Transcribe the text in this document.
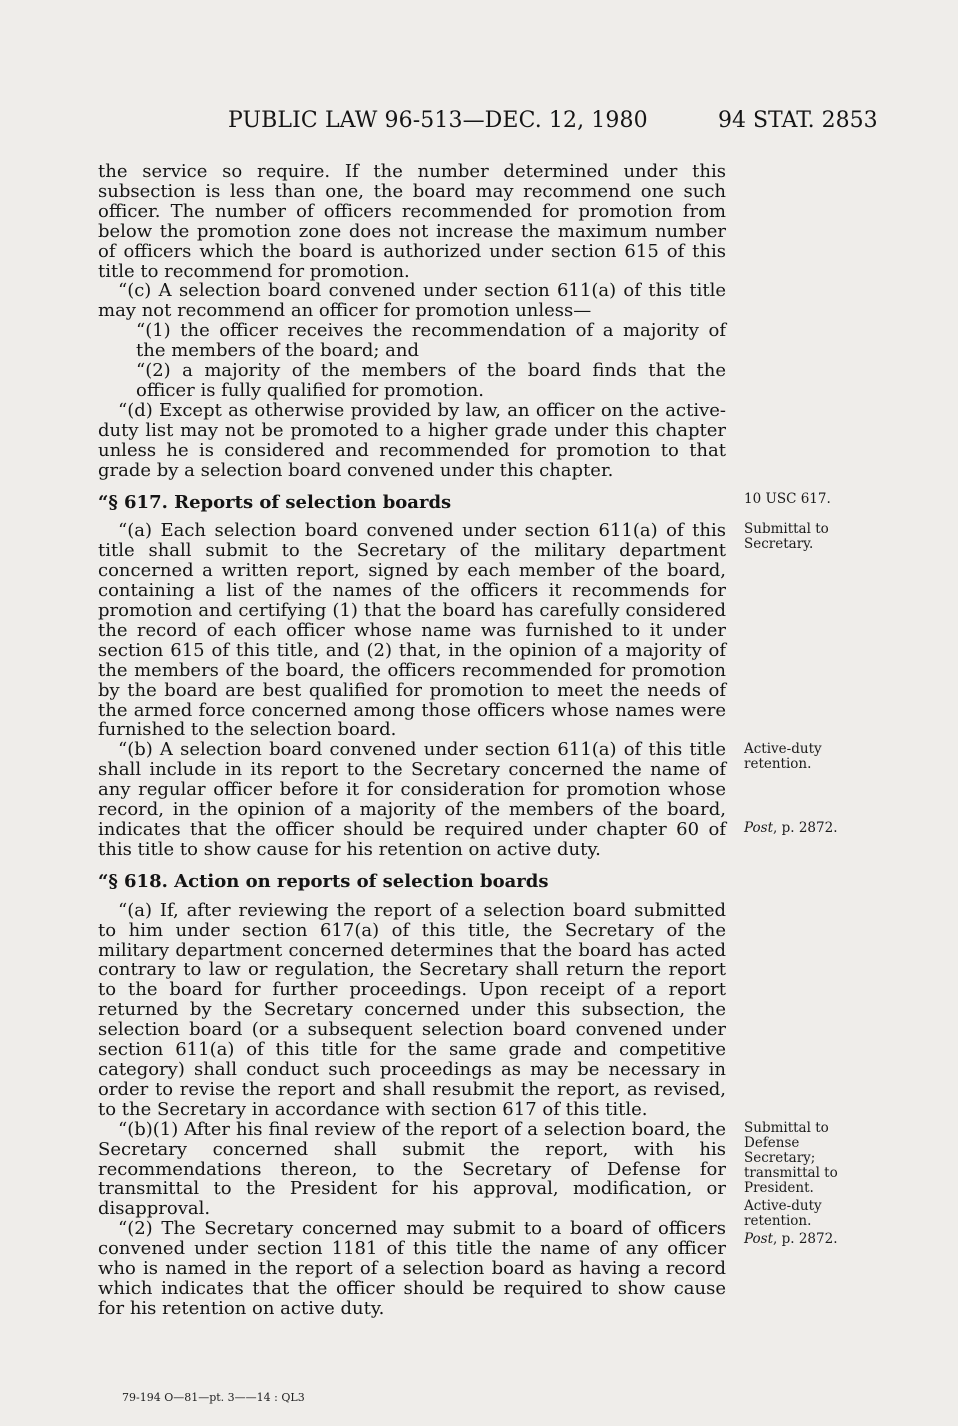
PUBLIC LAW 96-513—DEC. 12, 1980	94 STAT. 2853

the service so require. If the number determined under this subsection is less than one, the board may recommend one such officer. The number of officers recommended for promotion from below the promotion zone does not increase the maximum number of officers which the board is authorized under section 615 of this title to recommend for promotion.

“(c) A selection board convened under section 611(a) of this title may not recommend an officer for promotion unless—

“(1) the officer receives the recommendation of a majority of the members of the board; and

“(2) a majority of the members of the board finds that the officer is fully qualified for promotion.

“(d) Except as otherwise provided by law, an officer on the active-duty list may not be promoted to a higher grade under this chapter unless he is considered and recommended for promotion to that grade by a selection board convened under this chapter.

“§ 617. Reports of selection boards

“(a) Each selection board convened under section 611(a) of this title shall submit to the Secretary of the military department concerned a written report, signed by each member of the board, containing a list of the names of the officers it recommends for promotion and certifying (1) that the board has carefully considered the record of each officer whose name was furnished to it under section 615 of this title, and (2) that, in the opinion of a majority of the members of the board, the officers recommended for promotion by the board are best qualified for promotion to meet the needs of the armed force concerned among those officers whose names were furnished to the selection board.

“(b) A selection board convened under section 611(a) of this title shall include in its report to the Secretary concerned the name of any regular officer before it for consideration for promotion whose record, in the opinion of a majority of the members of the board, indicates that the officer should be required under chapter 60 of this title to show cause for his retention on active duty.

“§ 618. Action on reports of selection boards

“(a) If, after reviewing the report of a selection board submitted to him under section 617(a) of this title, the Secretary of the military department concerned determines that the board has acted contrary to law or regulation, the Secretary shall return the report to the board for further proceedings. Upon receipt of a report returned by the Secretary concerned under this subsection, the selection board (or a subsequent selection board convened under section 611(a) of this title for the same grade and competitive category) shall conduct such proceedings as may be necessary in order to revise the report and shall resubmit the report, as revised, to the Secretary in accordance with section 617 of this title.

“(b)(1) After his final review of the report of a selection board, the Secretary concerned shall submit the report, with his recommendations thereon, to the Secretary of Defense for transmittal to the President for his approval, modification, or disapproval.

“(2) The Secretary concerned may submit to a board of officers convened under section 1181 of this title the name of any officer who is named in the report of a selection board as having a record which indicates that the officer should be required to show cause for his retention on active duty.

10 USC 617.
Submittal to Secretary.
Active-duty retention.
Post, p. 2872.
Submittal to Defense Secretary; transmittal to President.
Active-duty retention.
Post, p. 2872.
79-194 O—81—pt. 3——14 : QL3
